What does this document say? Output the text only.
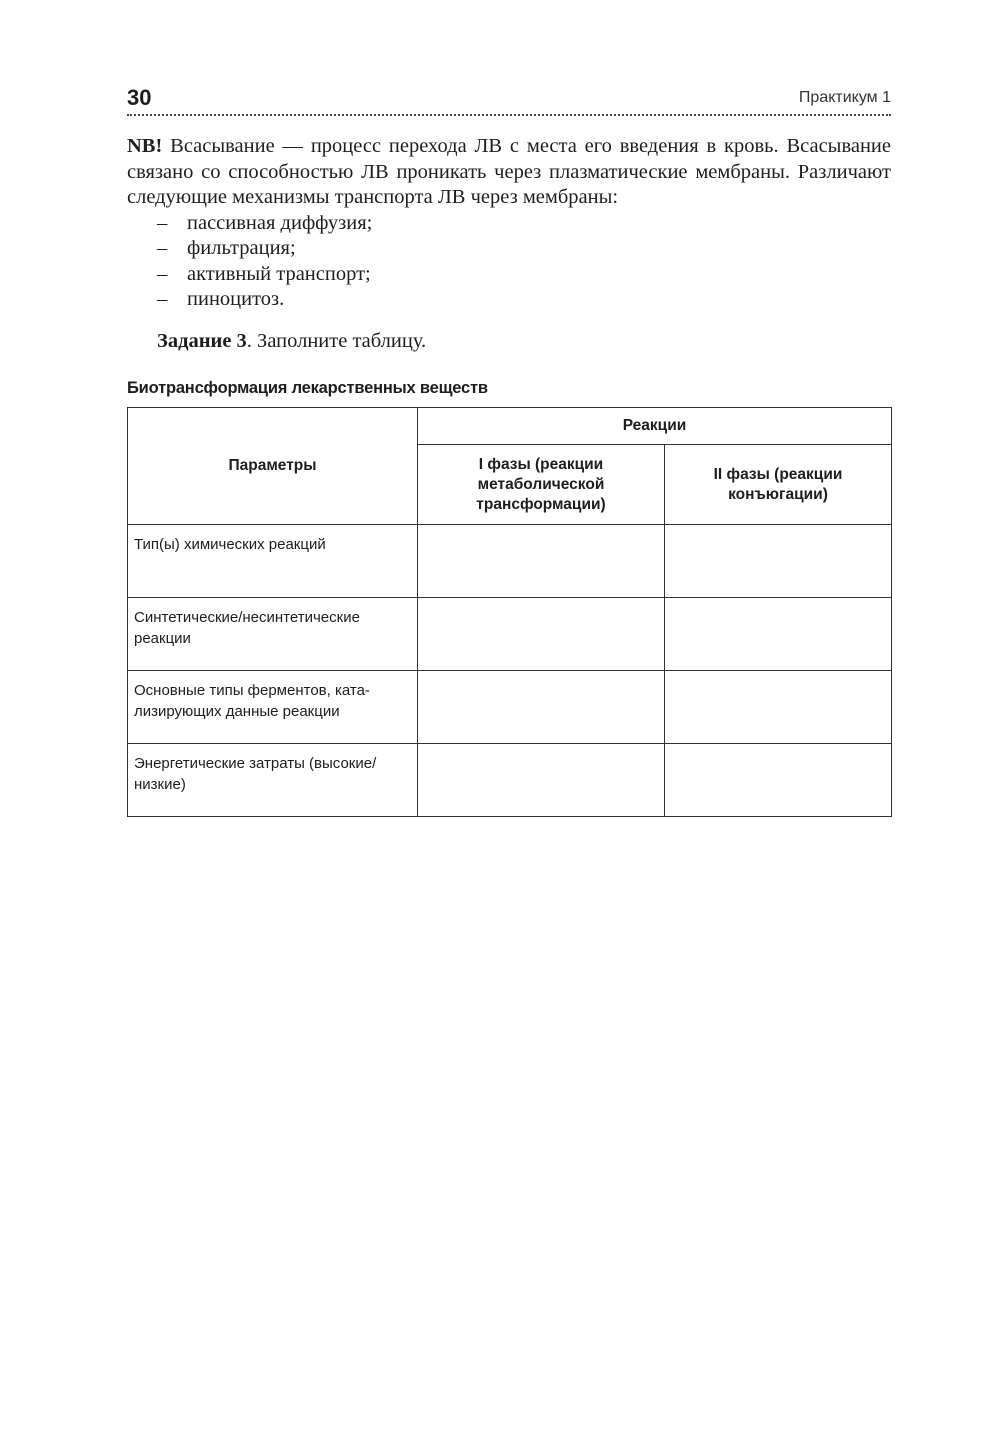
30	Практикум 1

NB! Всасывание — процесс перехода ЛВ с места его введения в кровь. Всасывание связано со способностью ЛВ проникать через плазматические мембраны. Различают следующие механизмы транспорта ЛВ через мембраны:

– пассивная диффузия;
– фильтрация;
– активный транспорт;
– пиноцитоз.

Задание 3. Заполните таблицу.

Биотрансформация лекарственных веществ
Параметры	Реакции	
	I фазы (реакции метаболической трансформации)	II фазы (реакции конъюгации)
Тип(ы) химических реакций		
Синтетические/несинтетические реакции		
Основные типы ферментов, ката-лизирующих данные реакции		
Энергетические затраты (высокие/низкие)		
